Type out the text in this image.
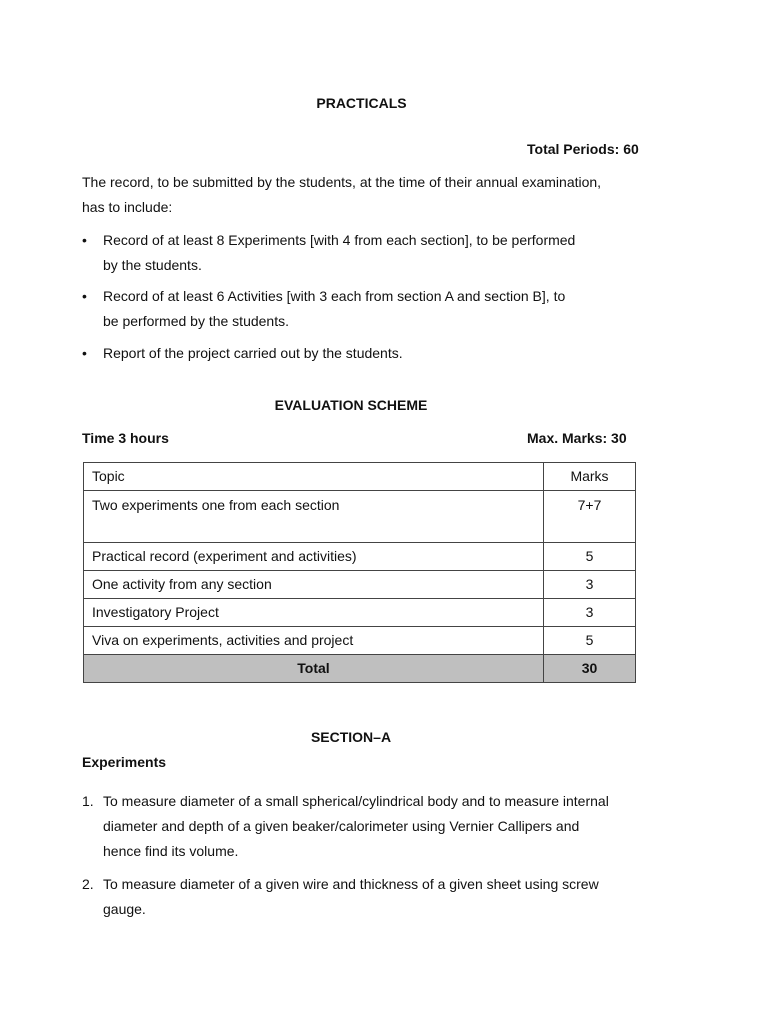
PRACTICALS
Total Periods: 60
The record, to be submitted by the students, at the time of their annual examination,
has to include:
•	Record of at least 8 Experiments [with 4 from each section], to be performed
by the students.
•	Record of at least 6 Activities [with 3 each from section A and section B], to
be performed by the students.
•	Report of the project carried out by the students.
EVALUATION SCHEME
Time 3 hours	Max. Marks: 30
Topic	Marks
Two experiments one from each section	7+7
Practical record (experiment and activities)	5
One activity from any section	3
Investigatory Project	3
Viva on experiments, activities and project	5
Total	30
SECTION–A
Experiments
1. To measure diameter of a small spherical/cylindrical body and to measure internal
diameter and depth of a given beaker/calorimeter using Vernier Callipers and
hence find its volume.
2. To measure diameter of a given wire and thickness of a given sheet using screw
gauge.
